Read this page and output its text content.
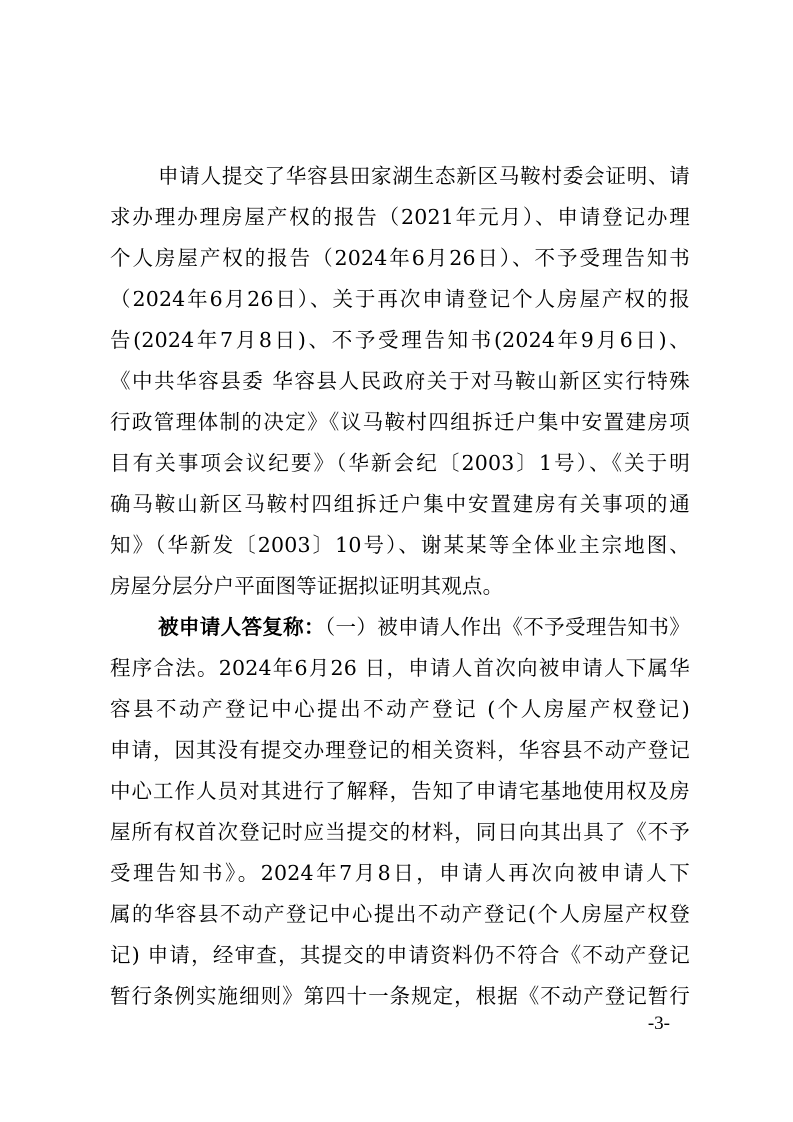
申请人提交了华容县田家湖生态新区马鞍村委会证明、请
求办理办理房屋产权的报告（2021年元月）、申请登记办理
个人房屋产权的报告（2024年6月26日）、不予受理告知书
（2024年6月26日）、关于再次申请登记个人房屋产权的报
告(2024年7月8日)、不予受理告知书(2024年9月6日)、
《中共华容县委 华容县人民政府关于对马鞍山新区实行特殊
行政管理体制的决定》《议马鞍村四组拆迁户集中安置建房项
目有关事项会议纪要》（华新会纪〔2003〕1号）、《关于明
确马鞍山新区马鞍村四组拆迁户集中安置建房有关事项的通
知》（华新发〔2003〕10号）、谢某某等全体业主宗地图、
房屋分层分户平面图等证据拟证明其观点。
被申请人答复称：（一）被申请人作出《不予受理告知书》
程序合法。2024年6月26 日，申请人首次向被申请人下属华
容县不动产登记中心提出不动产登记 (个人房屋产权登记)
申请，因其没有提交办理登记的相关资料，华容县不动产登记
中心工作人员对其进行了解释，告知了申请宅基地使用权及房
屋所有权首次登记时应当提交的材料，同日向其出具了《不予
受理告知书》。2024年7月8日，申请人再次向被申请人下
属的华容县不动产登记中心提出不动产登记(个人房屋产权登
记) 申请，经审查，其提交的申请资料仍不符合《不动产登记
暂行条例实施细则》第四十一条规定，根据《不动产登记暂行
-3-
